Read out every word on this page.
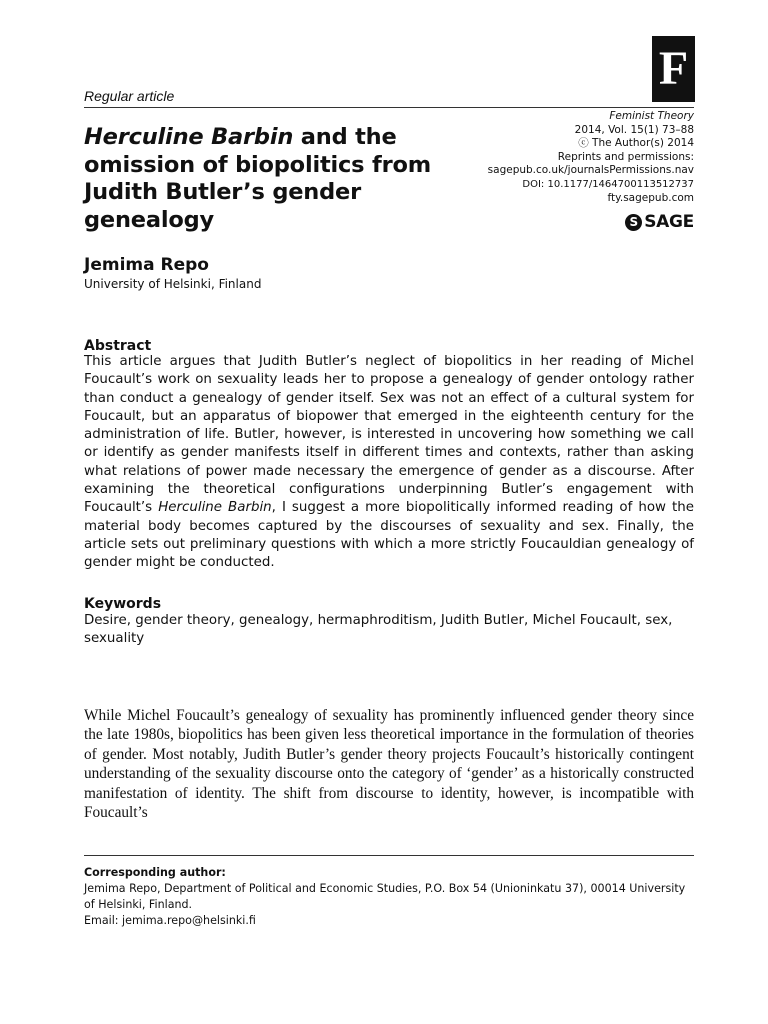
F
Regular article
Herculine Barbin and the omission of biopolitics from Judith Butler’s gender genealogy
Feminist Theory
2014, Vol. 15(1) 73–88
ⓒ The Author(s) 2014
Reprints and permissions:
sagepub.co.uk/journalsPermissions.nav
DOI: 10.1177/1464700113512737
fty.sagepub.com
S SAGE
Jemima Repo
University of Helsinki, Finland
Abstract

This article argues that Judith Butler’s neglect of biopolitics in her reading of Michel Foucault’s work on sexuality leads her to propose a genealogy of gender ontology rather than conduct a genealogy of gender itself. Sex was not an effect of a cultural system for Foucault, but an apparatus of biopower that emerged in the eighteenth century for the administration of life. Butler, however, is interested in uncovering how something we call or identify as gender manifests itself in different times and contexts, rather than asking what relations of power made necessary the emergence of gender as a discourse. After examining the theoretical configurations underpinning Butler’s engagement with Foucault’s Herculine Barbin, I suggest a more biopolitically informed reading of how the material body becomes captured by the discourses of sexuality and sex. Finally, the article sets out preliminary questions with which a more strictly Foucauldian genealogy of gender might be conducted.

Keywords

Desire, gender theory, genealogy, hermaphroditism, Judith Butler, Michel Foucault, sex, sexuality

While Michel Foucault’s genealogy of sexuality has prominently influenced gender theory since the late 1980s, biopolitics has been given less theoretical importance in the formulation of theories of gender. Most notably, Judith Butler’s gender theory projects Foucault’s historically contingent understanding of the sexuality discourse onto the category of ‘gender’ as a historically constructed manifestation of identity. The shift from discourse to identity, however, is incompatible with Foucault’s

Corresponding author:
Jemima Repo, Department of Political and Economic Studies, P.O. Box 54 (Unioninkatu 37), 00014 University of Helsinki, Finland.
Email: jemima.repo@helsinki.fi
